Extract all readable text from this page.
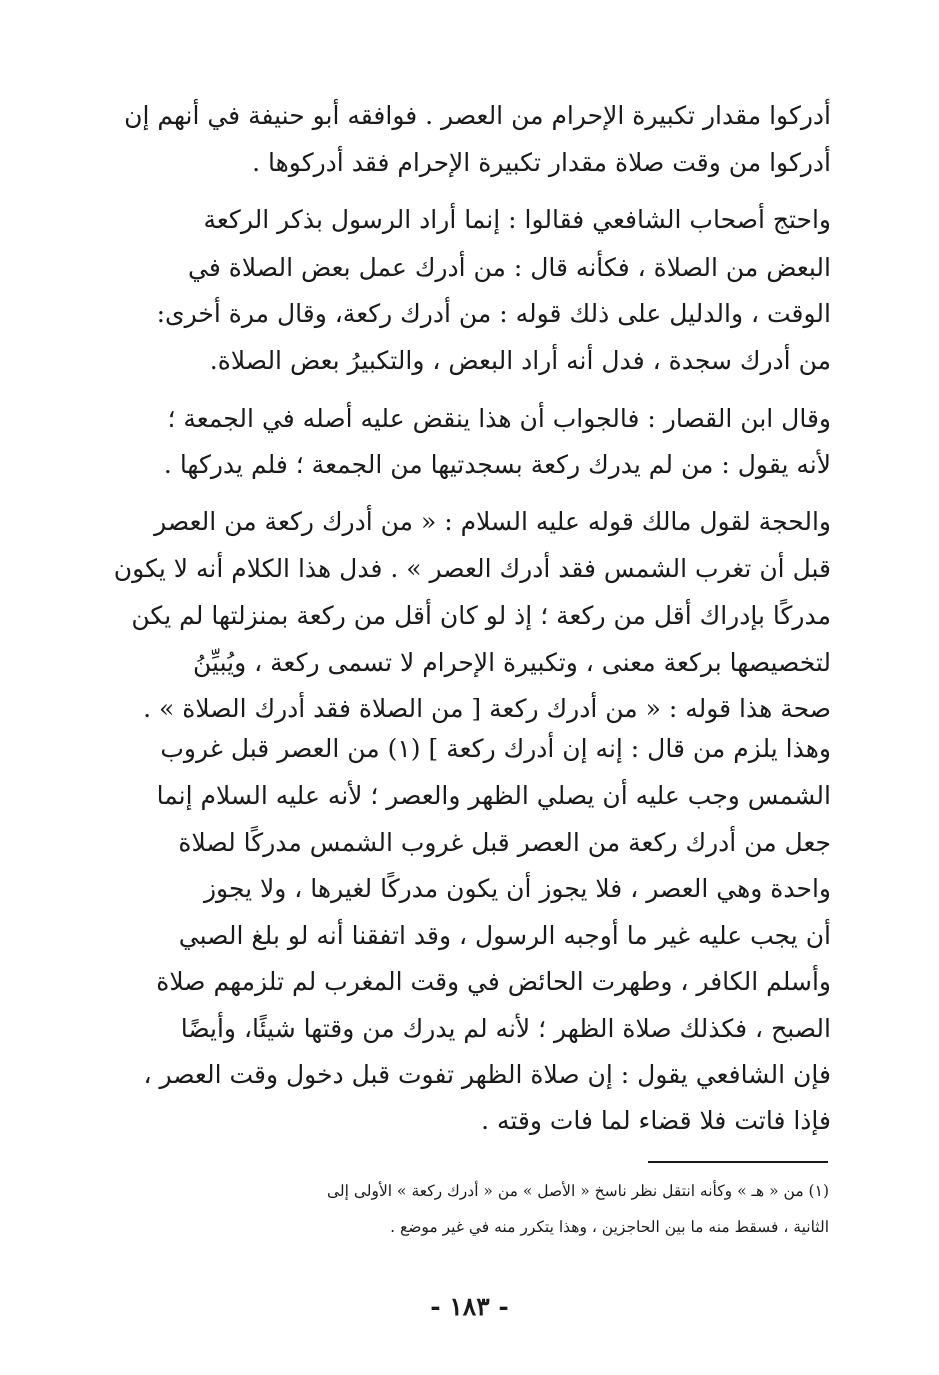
أدركوا مقدار تكبيرة الإحرام من العصر . فوافقه أبو حنيفة في أنهم إن
أدركوا من وقت صلاة مقدار تكبيرة الإحرام فقد أدركوها .
واحتج أصحاب الشافعي فقالوا : إنما أراد الرسول بذكر الركعة
البعض من الصلاة ، فكأنه قال : من أدرك عمل بعض الصلاة في
الوقت ، والدليل على ذلك قوله : من أدرك ركعة، وقال مرة أخرى:
من أدرك سجدة ، فدل أنه أراد البعض ، والتكبيرُ بعض الصلاة.
وقال ابن القصار : فالجواب أن هذا ينقض عليه أصله في الجمعة ؛
لأنه يقول : من لم يدرك ركعة بسجدتيها من الجمعة ؛ فلم يدركها .
والحجة لقول مالك قوله عليه السلام : « من أدرك ركعة من العصر
قبل أن تغرب الشمس فقد أدرك العصر » . فدل هذا الكلام أنه لا يكون
مدركًا بإدراك أقل من ركعة ؛ إذ لو كان أقل من ركعة بمنزلتها لم يكن
لتخصيصها بركعة معنى ، وتكبيرة الإحرام لا تسمى ركعة ، ويُبيِّنُ
صحة هذا قوله : « من أدرك ركعة [ من الصلاة فقد أدرك الصلاة » .
وهذا يلزم من قال : إنه إن أدرك ركعة ] (١) من العصر قبل غروب
الشمس وجب عليه أن يصلي الظهر والعصر ؛ لأنه عليه السلام إنما
جعل من أدرك ركعة من العصر قبل غروب الشمس مدركًا لصلاة
واحدة وهي العصر ، فلا يجوز أن يكون مدركًا لغيرها ، ولا يجوز
أن يجب عليه غير ما أوجبه الرسول ، وقد اتفقنا أنه لو بلغ الصبي
وأسلم الكافر ، وطهرت الحائض في وقت المغرب لم تلزمهم صلاة
الصبح ، فكذلك صلاة الظهر ؛ لأنه لم يدرك من وقتها شيئًا، وأيضًا
فإن الشافعي يقول : إن صلاة الظهر تفوت قبل دخول وقت العصر ،
فإذا فاتت فلا قضاء لما فات وقته .
(١) من « هـ » وكأنه انتقل نظر ناسخ « الأصل » من « أدرك ركعة » الأولى إلى
الثانية ، فسقط منه ما بين الحاجزين ، وهذا يتكرر منه في غير موضع .
- ١٨٣ -
